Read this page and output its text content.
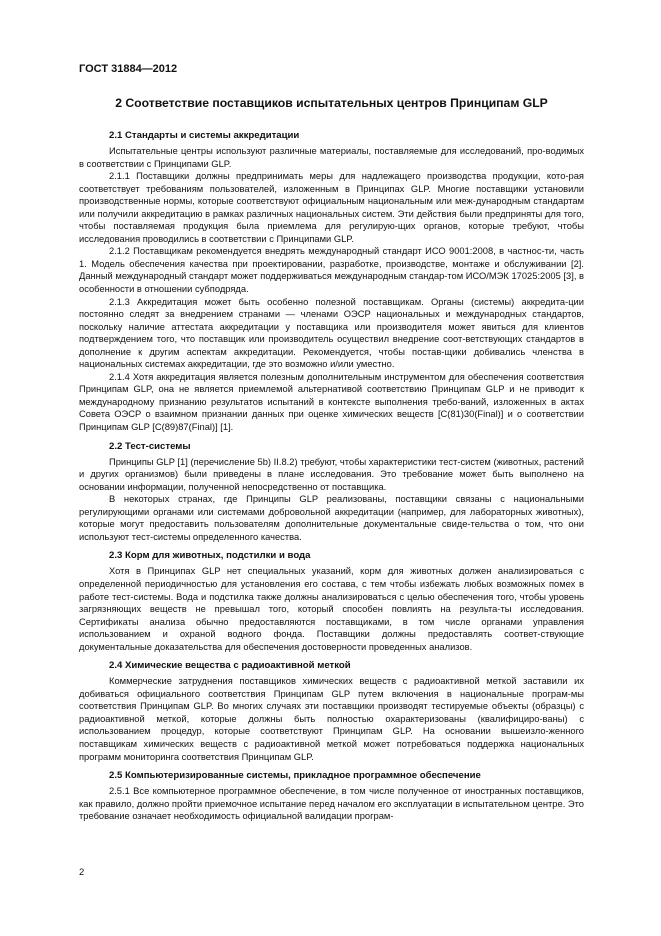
ГОСТ 31884—2012
2 Соответствие поставщиков испытательных центров Принципам GLP
2.1 Стандарты и системы аккредитации

Испытательные центры используют различные материалы, поставляемые для исследований, про-водимых в соответствии с Принципами GLP.

2.1.1 Поставщики должны предпринимать меры для надлежащего производства продукции, кото-рая соответствует требованиям пользователей, изложенным в Принципах GLP. Многие поставщики установили производственные нормы, которые соответствуют официальным национальным или меж-дународным стандартам или получили аккредитацию в рамках различных национальных систем. Эти действия были предприняты для того, чтобы поставляемая продукция была приемлема для регулирую-щих органов, которые требуют, чтобы исследования проводились в соответствии с Принципами GLP.

2.1.2 Поставщикам рекомендуется внедрять международный стандарт ИСО 9001:2008, в частнос-ти, часть 1. Модель обеспечения качества при проектировании, разработке, производстве, монтаже и обслуживании [2]. Данный международный стандарт может поддерживаться международным стандар-том ИСО/МЭК 17025:2005 [3], в особенности в отношении субподряда.

2.1.3 Аккредитация может быть особенно полезной поставщикам. Органы (системы) аккредита-ции постоянно следят за внедрением странами — членами ОЭСР национальных и международных стандартов, поскольку наличие аттестата аккредитации у поставщика или производителя может явиться для клиентов подтверждением того, что поставщик или производитель осуществил внедрение соот-ветствующих стандартов в дополнение к другим аспектам аккредитации. Рекомендуется, чтобы постав-щики добивались членства в национальных системах аккредитации, где это возможно и/или уместно.

2.1.4 Хотя аккредитация является полезным дополнительным инструментом для обеспечения соответствия Принципам GLP, она не является приемлемой альтернативой соответствию Принципам GLP и не приводит к международному признанию результатов испытаний в контексте выполнения требо-ваний, изложенных в актах Совета ОЭСР о взаимном признании данных при оценке химических веществ [C(81)30(Final)] и о соответствии Принципам GLP [C(89)87(Final)] [1].

2.2 Тест-системы

Принципы GLP [1] (перечисление 5b) II.8.2) требуют, чтобы характеристики тест-систем (животных, растений и других организмов) были приведены в плане исследования. Это требование может быть выполнено на основании информации, полученной непосредственно от поставщика.

В некоторых странах, где Принципы GLP реализованы, поставщики связаны с национальными регулирующими органами или системами добровольной аккредитации (например, для лабораторных животных), которые могут предоставить пользователям дополнительные документальные свиде-тельства о том, что они используют тест-системы определенного качества.

2.3 Корм для животных, подстилки и вода

Хотя в Принципах GLP нет специальных указаний, корм для животных должен анализироваться с определенной периодичностью для установления его состава, с тем чтобы избежать любых возможных помех в работе тест-системы. Вода и подстилка также должны анализироваться с целью обеспечения того, чтобы уровень загрязняющих веществ не превышал того, который способен повлиять на результа-ты исследования. Сертификаты анализа обычно предоставляются поставщиками, в том числе органами управления использованием и охраной водного фонда. Поставщики должны предоставлять соответ-ствующие документальные доказательства для обеспечения достоверности проведенных анализов.

2.4 Химические вещества с радиоактивной меткой

Коммерческие затруднения поставщиков химических веществ с радиоактивной меткой заставили их добиваться официального соответствия Принципам GLP путем включения в национальные програм-мы соответствия Принципам GLP. Во многих случаях эти поставщики производят тестируемые объекты (образцы) с радиоактивной меткой, которые должны быть полностью охарактеризованы (квалифициро-ваны) с использованием процедур, которые соответствуют Принципам GLP. На основании вышеизло-женного поставщикам химических веществ с радиоактивной меткой может потребоваться поддержка национальных программ мониторинга соответствия Принципам GLP.

2.5 Компьютеризированные системы, прикладное программное обеспечение

2.5.1 Все компьютерное программное обеспечение, в том числе полученное от иностранных поставщиков, как правило, должно пройти приемочное испытание перед началом его эксплуатации в испытательном центре. Это требование означает необходимость официальной валидации програм-

2
